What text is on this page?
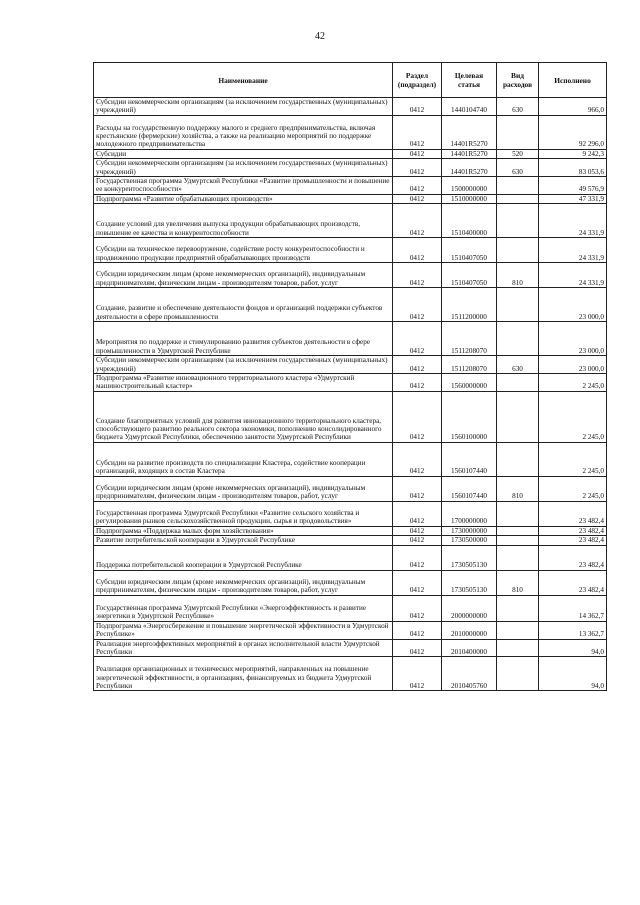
42
Наименование	Раздел (подраздел)	Целевая статья	Вид расходов	Исполнено
Субсидии некоммерческим организациям (за исключением государственных (муниципальных) учреждений)	0412	1440104740	630	966,0
Расходы на государственную поддержку малого и среднего предпринимательства, включая крестьянские (фермерские) хозяйства, а также на реализацию мероприятий по поддержке молодежного предпринимательства	0412	14401R5270		92 296,0
Субсидии	0412	14401R5270	520	9 242,3
Субсидии некоммерческим организациям (за исключением государственных (муниципальных) учреждений)	0412	14401R5270	630	83 053,6
Государственная программа Удмуртской Республики «Развитие промышленности и повышение ее конкурентоспособности»	0412	1500000000		49 576,9
Подпрограмма «Развитие обрабатывающих производств»	0412	1510000000		47 331,9
Создание условий для увеличения выпуска продукции обрабатывающих производств, повышение ее качества и конкурентоспособности	0412	1510400000		24 331,9
Субсидии на техническое перевооружение, содействие росту конкурентоспособности и продвижению продукции предприятий обрабатывающих производств	0412	1510407050		24 331,9
Субсидии юридическим лицам (кроме некоммерческих организаций), индивидуальным предпринимателям, физическим лицам - производителям товаров, работ, услуг	0412	1510407050	810	24 331,9
Создание, развитие и обеспечение деятельности фондов и организаций поддержки субъектов деятельности в сфере промышленности	0412	1511200000		23 000,0
Мероприятия по поддержке и стимулированию развития субъектов деятельности в сфере промышленности в Удмуртской Республике	0412	1511208070		23 000,0
Субсидии некоммерческим организациям (за исключением государственных (муниципальных) учреждений)	0412	1511208070	630	23 000,0
Подпрограмма «Развитие инновационного территориального кластера «Удмуртский машиностроительный кластер»	0412	1560000000		2 245,0
Создание благоприятных условий для развития инновационного территориального кластера, способствующего развитию реального сектора экономики, пополнению консолидированного бюджета Удмуртской Республики, обеспечению занятости Удмуртской Республики	0412	1560100000		2 245,0
Субсидии на развитие производств по специализации Кластера, содействие кооперации организаций, входящих в состав Кластера	0412	1560107440		2 245,0
Субсидии юридическим лицам (кроме некоммерческих организаций), индивидуальным предпринимателям, физическим лицам - производителям товаров, работ, услуг	0412	1560107440	810	2 245,0
Государственная программа Удмуртской Республики «Развитие сельского хозяйства и регулирования рынков сельскохозяйственной продукции, сырья и продовольствия»	0412	1700000000		23 482,4
Подпрограмма «Поддержка малых форм хозяйствования»	0412	1730000000		23 482,4
Развитие потребительской кооперации в Удмуртской Республике	0412	1730500000		23 482,4
Поддержка потребительской кооперации в Удмуртской Республике	0412	1730505130		23 482,4
Субсидии юридическим лицам (кроме некоммерческих организаций), индивидуальным предпринимателям, физическим лицам - производителям товаров, работ, услуг	0412	1730505130	810	23 482,4
Государственная программа Удмуртской Республики «Энергоэффективность и развитие энергетики в Удмуртской Республике»	0412	2000000000		14 362,7
Подпрограмма «Энергосбережение и повышение энергетической эффективности в Удмуртской Республике»	0412	2010000000		13 362,7
Реализация энергоэффективных мероприятий в органах исполнительной власти Удмуртской Республики	0412	2010400000		94,0
Реализация организационных и технических мероприятий, направленных на повышение энергетической эффективности, в организациях, финансируемых из бюджета Удмуртской Республики	0412	2010405760		94,0
